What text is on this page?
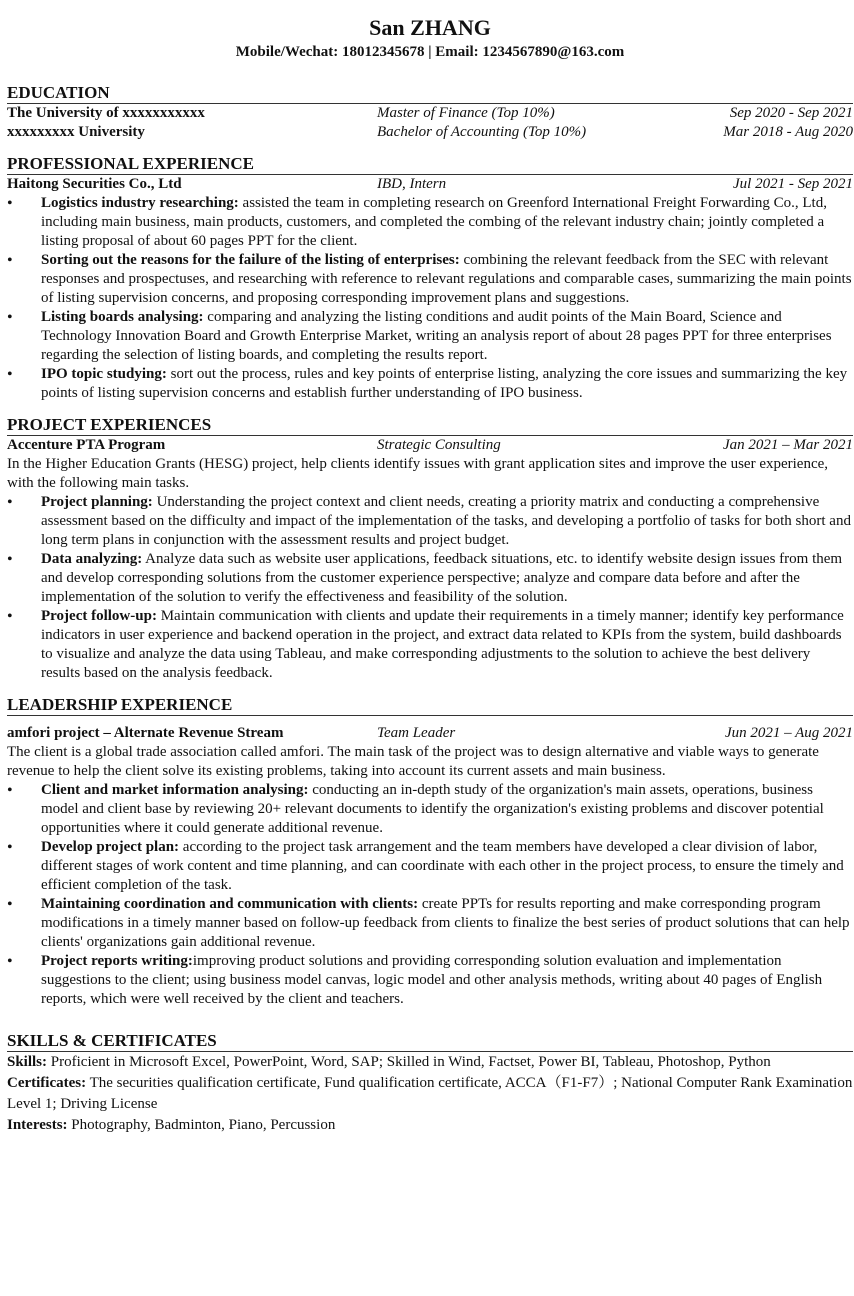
San ZHANG
Mobile/Wechat: 18012345678 | Email: 1234567890@163.com
EDUCATION
The University of xxxxxxxxxxx	Master of Finance (Top 10%)	Sep 2020 - Sep 2021
xxxxxxxxx University	Bachelor of Accounting (Top 10%)	Mar 2018 - Aug 2020
PROFESSIONAL EXPERIENCE
Haitong Securities Co., Ltd	IBD, Intern	Jul 2021 - Sep 2021
• Logistics industry researching: assisted the team in completing research on Greenford International Freight Forwarding Co., Ltd, including main business, main products, customers, and completed the combing of the relevant industry chain; jointly completed a listing proposal of about 60 pages PPT for the client.
• Sorting out the reasons for the failure of the listing of enterprises: combining the relevant feedback from the SEC with relevant responses and prospectuses, and researching with reference to relevant regulations and comparable cases, summarizing the main points of listing supervision concerns, and proposing corresponding improvement plans and suggestions.
• Listing boards analysing: comparing and analyzing the listing conditions and audit points of the Main Board, Science and Technology Innovation Board and Growth Enterprise Market, writing an analysis report of about 28 pages PPT for three enterprises regarding the selection of listing boards, and completing the results report.
• IPO topic studying: sort out the process, rules and key points of enterprise listing, analyzing the core issues and summarizing the key points of listing supervision concerns and establish further understanding of IPO business.
PROJECT EXPERIENCES
Accenture PTA Program	Strategic Consulting	Jan 2021 – Mar 2021

In the Higher Education Grants (HESG) project, help clients identify issues with grant application sites and improve the user experience, with the following main tasks.

• Project planning: Understanding the project context and client needs, creating a priority matrix and conducting a comprehensive assessment based on the difficulty and impact of the implementation of the tasks, and developing a portfolio of tasks for both short and long term plans in conjunction with the assessment results and project budget.
• Data analyzing: Analyze data such as website user applications, feedback situations, etc. to identify website design issues from them and develop corresponding solutions from the customer experience perspective; analyze and compare data before and after the implementation of the solution to verify the effectiveness and feasibility of the solution.
• Project follow-up: Maintain communication with clients and update their requirements in a timely manner; identify key performance indicators in user experience and backend operation in the project, and extract data related to KPIs from the system, build dashboards to visualize and analyze the data using Tableau, and make corresponding adjustments to the solution to achieve the best delivery results based on the analysis feedback.
LEADERSHIP EXPERIENCE
amfori project – Alternate Revenue Stream	Team Leader	Jun 2021 – Aug 2021

The client is a global trade association called amfori. The main task of the project was to design alternative and viable ways to generate revenue to help the client solve its existing problems, taking into account its current assets and main business.

• Client and market information analysing: conducting an in-depth study of the organization's main assets, operations, business model and client base by reviewing 20+ relevant documents to identify the organization's existing problems and discover potential opportunities where it could generate additional revenue.
• Develop project plan: according to the project task arrangement and the team members have developed a clear division of labor, different stages of work content and time planning, and can coordinate with each other in the project process, to ensure the timely and efficient completion of the task.
• Maintaining coordination and communication with clients: create PPTs for results reporting and make corresponding program modifications in a timely manner based on follow-up feedback from clients to finalize the best series of product solutions that can help clients' organizations gain additional revenue.
• Project reports writing:improving product solutions and providing corresponding solution evaluation and implementation suggestions to the client; using business model canvas, logic model and other analysis methods, writing about 40 pages of English reports, which were well received by the client and teachers.
SKILLS & CERTIFICATES

Skills: Proficient in Microsoft Excel, PowerPoint, Word, SAP; Skilled in Wind, Factset, Power BI, Tableau, Photoshop, Python

Certificates: The securities qualification certificate, Fund qualification certificate, ACCA（F1-F7）; National Computer Rank Examination Level 1; Driving License

Interests: Photography, Badminton, Piano, Percussion
